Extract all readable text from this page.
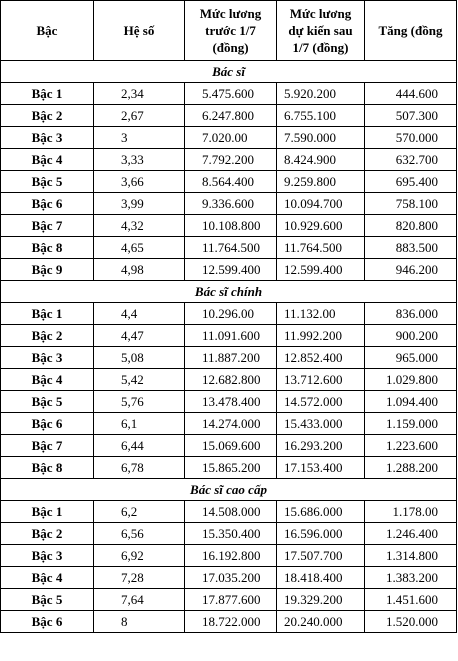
Bậc	Hệ số	Mức lương
trước 1/7
(đồng)	Mức lương
dự kiến sau
1/7 (đồng)	Tăng (đồng
Bác sĩ				
Bậc 1	2,34	5.475.600	5.920.200	444.600
Bậc 2	2,67	6.247.800	6.755.100	507.300
Bậc 3	3	7.020.00	7.590.000	570.000
Bậc 4	3,33	7.792.200	8.424.900	632.700
Bậc 5	3,66	8.564.400	9.259.800	695.400
Bậc 6	3,99	9.336.600	10.094.700	758.100
Bậc 7	4,32	10.108.800	10.929.600	820.800
Bậc 8	4,65	11.764.500	11.764.500	883.500
Bậc 9	4,98	12.599.400	12.599.400	946.200
Bác sĩ chính				
Bậc 1	4,4	10.296.00	11.132.00	836.000
Bậc 2	4,47	11.091.600	11.992.200	900.200
Bậc 3	5,08	11.887.200	12.852.400	965.000
Bậc 4	5,42	12.682.800	13.712.600	1.029.800
Bậc 5	5,76	13.478.400	14.572.000	1.094.400
Bậc 6	6,1	14.274.000	15.433.000	1.159.000
Bậc 7	6,44	15.069.600	16.293.200	1.223.600
Bậc 8	6,78	15.865.200	17.153.400	1.288.200
Bác sĩ cao cấp				
Bậc 1	6,2	14.508.000	15.686.000	1.178.00
Bậc 2	6,56	15.350.400	16.596.000	1.246.400
Bậc 3	6,92	16.192.800	17.507.700	1.314.800
Bậc 4	7,28	17.035.200	18.418.400	1.383.200
Bậc 5	7,64	17.877.600	19.329.200	1.451.600
Bậc 6	8	18.722.000	20.240.000	1.520.000
